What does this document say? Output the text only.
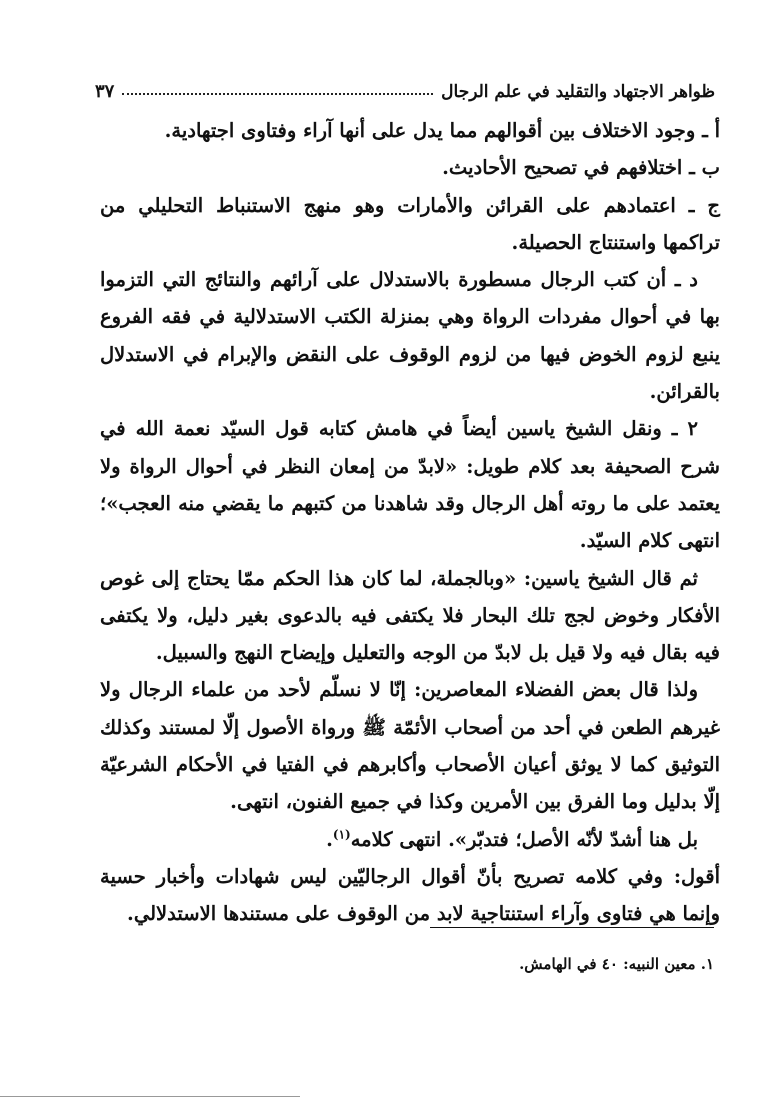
ظواهر الاجتهاد والتقليد في علم الرجال
٣٧

أ ـ وجود الاختلاف بين أقوالهم مما يدل على أنها آراء وفتاوى اجتهادية.

ب ـ اختلافهم في تصحيح الأحاديث.

ج ـ اعتمادهم على القرائن والأمارات وهو منهج الاستنباط التحليلي من تراكمها واستنتاج الحصيلة.

د ـ أن كتب الرجال مسطورة بالاستدلال على آرائهم والنتائج التي التزموا بها في أحوال مفردات الرواة وهي بمنزلة الكتب الاستدلالية في فقه الفروع ينبع لزوم الخوض فيها من لزوم الوقوف على النقض والإبرام في الاستدلال بالقرائن.

٢ ـ ونقل الشيخ ياسين أيضاً في هامش كتابه قول السيّد نعمة الله في شرح الصحيفة بعد كلام طويل: «لابدّ من إمعان النظر في أحوال الرواة ولا يعتمد على ما روته أهل الرجال وقد شاهدنا من كتبهم ما يقضي منه العجب»؛ انتهى كلام السيّد.

ثم قال الشيخ ياسين: «وبالجملة، لما كان هذا الحكم ممّا يحتاج إلى غوص الأفكار وخوض لجج تلك البحار فلا يكتفى فيه بالدعوى بغير دليل، ولا يكتفى فيه بقال فيه ولا قيل بل لابدّ من الوجه والتعليل وإيضاح النهج والسبيل.

ولذا قال بعض الفضلاء المعاصرين: إنّا لا نسلّم لأحد من علماء الرجال ولا غيرهم الطعن في أحد من أصحاب الأئمّة ﷺ ورواة الأصول إلّا لمستند وكذلك التوثيق كما لا يوثق أعيان الأصحاب وأكابرهم في الفتيا في الأحكام الشرعيّة إلّا بدليل وما الفرق بين الأمرين وكذا في جميع الفنون، انتهى.

بل هنا أشدّ لأنّه الأصل؛ فتدبّر». انتهى كلامه$^{(١)}$.

أقول: وفي كلامه تصريح بأنّ أقوال الرجاليّين ليس شهادات وأخبار حسية وإنما هي فتاوى وآراء استنتاجية لابد من الوقوف على مستندها الاستدلالي.

١. معين النبيه: ٤٠ في الهامش.
